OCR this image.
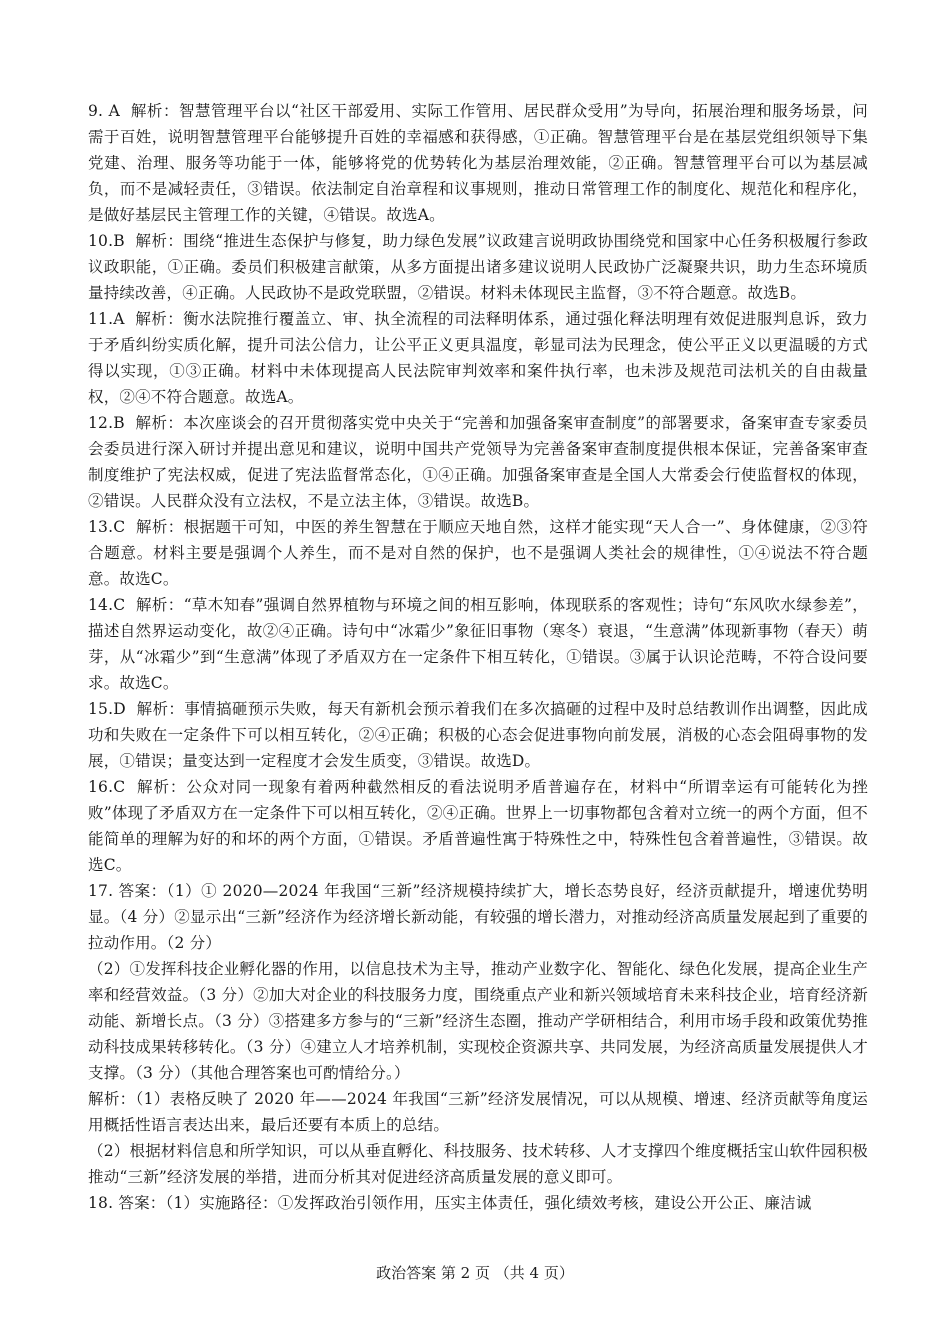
9. A 解析：智慧管理平台以“社区干部爱用、实际工作管用、居民群众受用”为导向，拓展治理和服务场景，问需于百姓，说明智慧管理平台能够提升百姓的幸福感和获得感，①正确。智慧管理平台是在基层党组织领导下集党建、治理、服务等功能于一体，能够将党的优势转化为基层治理效能，②正确。智慧管理平台可以为基层减负，而不是减轻责任，③错误。依法制定自治章程和议事规则，推动日常管理工作的制度化、规范化和程序化，是做好基层民主管理工作的关键，④错误。故选A。

10.B 解析：围绕“推进生态保护与修复，助力绿色发展”议政建言说明政协围绕党和国家中心任务积极履行参政议政职能，①正确。委员们积极建言献策，从多方面提出诸多建议说明人民政协广泛凝聚共识，助力生态环境质量持续改善，④正确。人民政协不是政党联盟，②错误。材料未体现民主监督，③不符合题意。故选B。

11.A 解析：衡水法院推行覆盖立、审、执全流程的司法释明体系，通过强化释法明理有效促进服判息诉，致力于矛盾纠纷实质化解，提升司法公信力，让公平正义更具温度，彰显司法为民理念，使公平正义以更温暖的方式得以实现，①③正确。材料中未体现提高人民法院审判效率和案件执行率，也未涉及规范司法机关的自由裁量权，②④不符合题意。故选A。

12.B 解析：本次座谈会的召开贯彻落实党中央关于“完善和加强备案审查制度”的部署要求，备案审查专家委员会委员进行深入研讨并提出意见和建议，说明中国共产党领导为完善备案审查制度提供根本保证，完善备案审查制度维护了宪法权威，促进了宪法监督常态化，①④正确。加强备案审查是全国人大常委会行使监督权的体现，②错误。人民群众没有立法权，不是立法主体，③错误。故选B。

13.C 解析：根据题干可知，中医的养生智慧在于顺应天地自然，这样才能实现“天人合一”、身体健康，②③符合题意。材料主要是强调个人养生，而不是对自然的保护，也不是强调人类社会的规律性，①④说法不符合题意。故选C。

14.C 解析：“草木知春”强调自然界植物与环境之间的相互影响，体现联系的客观性；诗句“东风吹水绿参差”，描述自然界运动变化，故②④正确。诗句中“冰霜少”象征旧事物（寒冬）衰退，“生意满”体现新事物（春天）萌芽，从“冰霜少”到“生意满”体现了矛盾双方在一定条件下相互转化，①错误。③属于认识论范畴，不符合设问要求。故选C。

15.D 解析：事情搞砸预示失败，每天有新机会预示着我们在多次搞砸的过程中及时总结教训作出调整，因此成功和失败在一定条件下可以相互转化，②④正确；积极的心态会促进事物向前发展，消极的心态会阻碍事物的发展，①错误；量变达到一定程度才会发生质变，③错误。故选D。

16.C 解析：公众对同一现象有着两种截然相反的看法说明矛盾普遍存在，材料中“所谓幸运有可能转化为挫败”体现了矛盾双方在一定条件下可以相互转化，②④正确。世界上一切事物都包含着对立统一的两个方面，但不能简单的理解为好的和坏的两个方面，①错误。矛盾普遍性寓于特殊性之中，特殊性包含着普遍性，③错误。故选C。

17. 答案：（1）① 2020—2024 年我国“三新”经济规模持续扩大，增长态势良好，经济贡献提升，增速优势明显。（4 分）②显示出“三新”经济作为经济增长新动能，有较强的增长潜力，对推动经济高质量发展起到了重要的拉动作用。（2 分）

（2）①发挥科技企业孵化器的作用，以信息技术为主导，推动产业数字化、智能化、绿色化发展，提高企业生产率和经营效益。（3 分）②加大对企业的科技服务力度，围绕重点产业和新兴领域培育未来科技企业，培育经济新动能、新增长点。（3 分）③搭建多方参与的“三新”经济生态圈，推动产学研相结合，利用市场手段和政策优势推动科技成果转移转化。（3 分）④建立人才培养机制，实现校企资源共享、共同发展，为经济高质量发展提供人才支撑。（3 分）（其他合理答案也可酌情给分。）

解析：（1）表格反映了 2020 年——2024 年我国“三新”经济发展情况，可以从规模、增速、经济贡献等角度运用概括性语言表达出来，最后还要有本质上的总结。

（2）根据材料信息和所学知识，可以从垂直孵化、科技服务、技术转移、人才支撑四个维度概括宝山软件园积极推动“三新”经济发展的举措，进而分析其对促进经济高质量发展的意义即可。

18. 答案：（1）实施路径：①发挥政治引领作用，压实主体责任，强化绩效考核，建设公开公正、廉洁诚

政治答案 第 2 页 （共 4 页）
